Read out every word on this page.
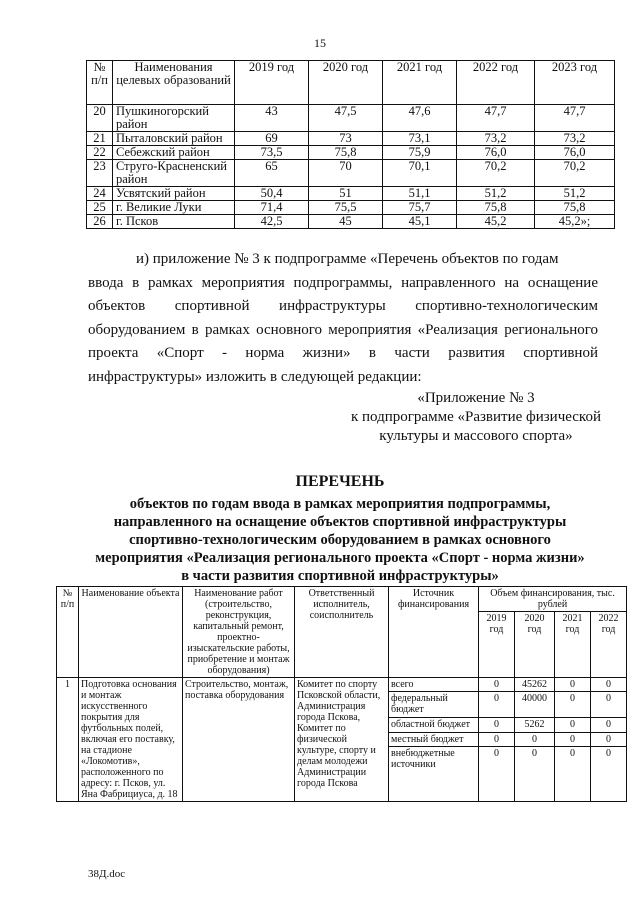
15
№ п/п	Наименования целевых образований	2019 год	2020 год	2021 год	2022 год	2023 год
20	Пушкиногорский район	43	47,5	47,6	47,7	47,7
21	Пыталовский район	69	73	73,1	73,2	73,2
22	Себежский район	73,5	75,8	75,9	76,0	76,0
23	Струго-Красненский район	65	70	70,1	70,2	70,2
24	Усвятский район	50,4	51	51,1	51,2	51,2
25	г. Великие Луки	71,4	75,5	75,7	75,8	75,8
26	г. Псков	42,5	45	45,1	45,2	45,2»;
и) приложение № 3 к подпрограмме «Перечень объектов по годам
ввода в рамках мероприятия подпрограммы, направленного на оснащение объектов спортивной инфраструктуры спортивно-технологическим оборудованием в рамках основного мероприятия «Реализация регионального проекта «Спорт - норма жизни» в части развития спортивной инфраструктуры» изложить в следующей редакции:
«Приложение № 3
к подпрограмме «Развитие физической
культуры и массового спорта»
ПЕРЕЧЕНЬ
объектов по годам ввода в рамках мероприятия подпрограммы,
направленного на оснащение объектов спортивной инфраструктуры
спортивно-технологическим оборудованием в рамках основного
мероприятия «Реализация регионального проекта «Спорт - норма жизни»
в части развития спортивной инфраструктуры»
№ п/п	Наименование объекта	Наименование работ (строительство, реконструкция, капитальный ремонт, проектно-изыскательские работы, приобретение и монтаж оборудования)	Ответственный исполнитель, соисполнитель	Источник финансирования	Объем финансирования, тыс. рублей			
					2019 год	2020 год	2021 год	2022 год
1	Подготовка основания и монтаж искусственного покрытия для футбольных полей, включая его поставку, на стадионе «Локомотив», расположенного по адресу: г. Псков, ул. Яна Фабрициуса, д. 18	Строительство, монтаж, поставка оборудования	Комитет по спорту Псковской области, Администрация города Пскова, Комитет по физической культуре, спорту и делам молодежи Администрации города Пскова	всего	0	45262	0	0
				федеральный бюджет	0	40000	0	0
				областной бюджет	0	5262	0	0
				местный бюджет	0	0	0	0
				внебюджетные источники	0	0	0	0
38Д.doc
